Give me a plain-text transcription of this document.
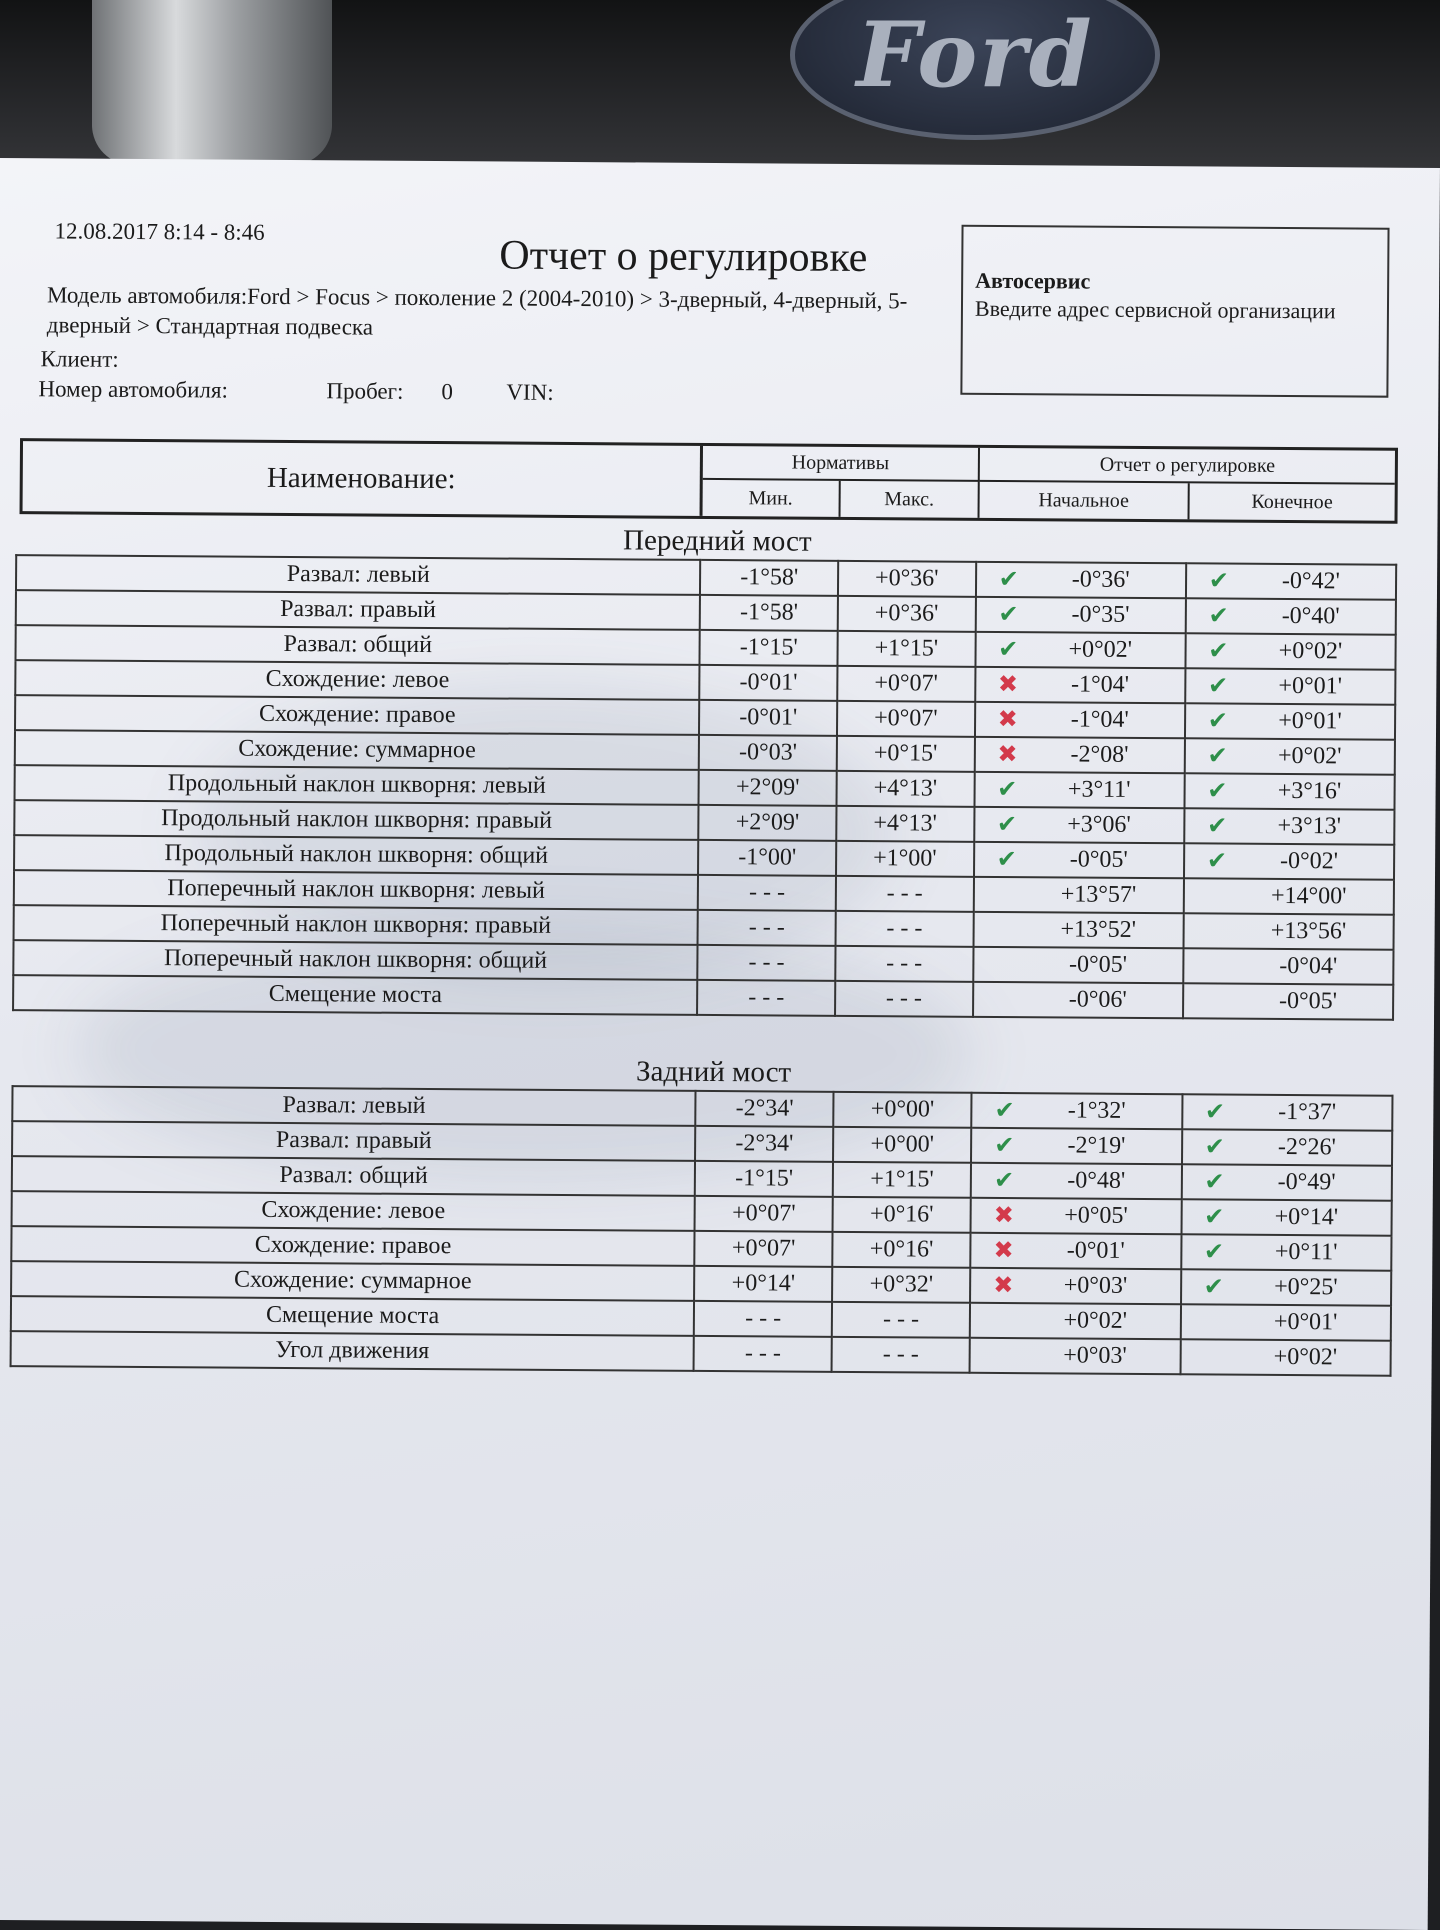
Ford
12.08.2017 8:14 - 8:46
Отчет о регулировке
Модель автомобиля:Ford > Focus > поколение 2 (2004-2010) > 3-дверный, 4-дверный, 5-дверный > Стандартная подвеска
Клиент:
Номер автомобиля:	Пробег:	0	VIN:
Автосервис
Введите адрес сервисной организации
Наименование:	Нормативы	Отчет о регулировке
Мин.	Макс.	Начальное	Конечное
Передний мост
Развал: левый	-1°58'	+0°36'	✔ -0°36'	✔ -0°42'
Развал: правый	-1°58'	+0°36'	✔ -0°35'	✔ -0°40'
Развал: общий	-1°15'	+1°15'	✔ +0°02'	✔ +0°02'
Схождение: левое	-0°01'	+0°07'	✖ -1°04'	✔ +0°01'
Схождение: правое	-0°01'	+0°07'	✖ -1°04'	✔ +0°01'
Схождение: суммарное	-0°03'	+0°15'	✖ -2°08'	✔ +0°02'
Продольный наклон шкворня: левый	+2°09'	+4°13'	✔ +3°11'	✔ +3°16'
Продольный наклон шкворня: правый	+2°09'	+4°13'	✔ +3°06'	✔ +3°13'
Продольный наклон шкворня: общий	-1°00'	+1°00'	✔ -0°05'	✔ -0°02'
Поперечный наклон шкворня: левый	- - -	- - -	+13°57'	+14°00'
Поперечный наклон шкворня: правый	- - -	- - -	+13°52'	+13°56'
Поперечный наклон шкворня: общий	- - -	- - -	-0°05'	-0°04'
Смещение моста	- - -	- - -	-0°06'	-0°05'
Задний мост
Развал: левый	-2°34'	+0°00'	✔ -1°32'	✔ -1°37'
Развал: правый	-2°34'	+0°00'	✔ -2°19'	✔ -2°26'
Развал: общий	-1°15'	+1°15'	✔ -0°48'	✔ -0°49'
Схождение: левое	+0°07'	+0°16'	✖ +0°05'	✔ +0°14'
Схождение: правое	+0°07'	+0°16'	✖ -0°01'	✔ +0°11'
Схождение: суммарное	+0°14'	+0°32'	✖ +0°03'	✔ +0°25'
Смещение моста	- - -	- - -	+0°02'	+0°01'
Угол движения	- - -	- - -	+0°03'	+0°02'
